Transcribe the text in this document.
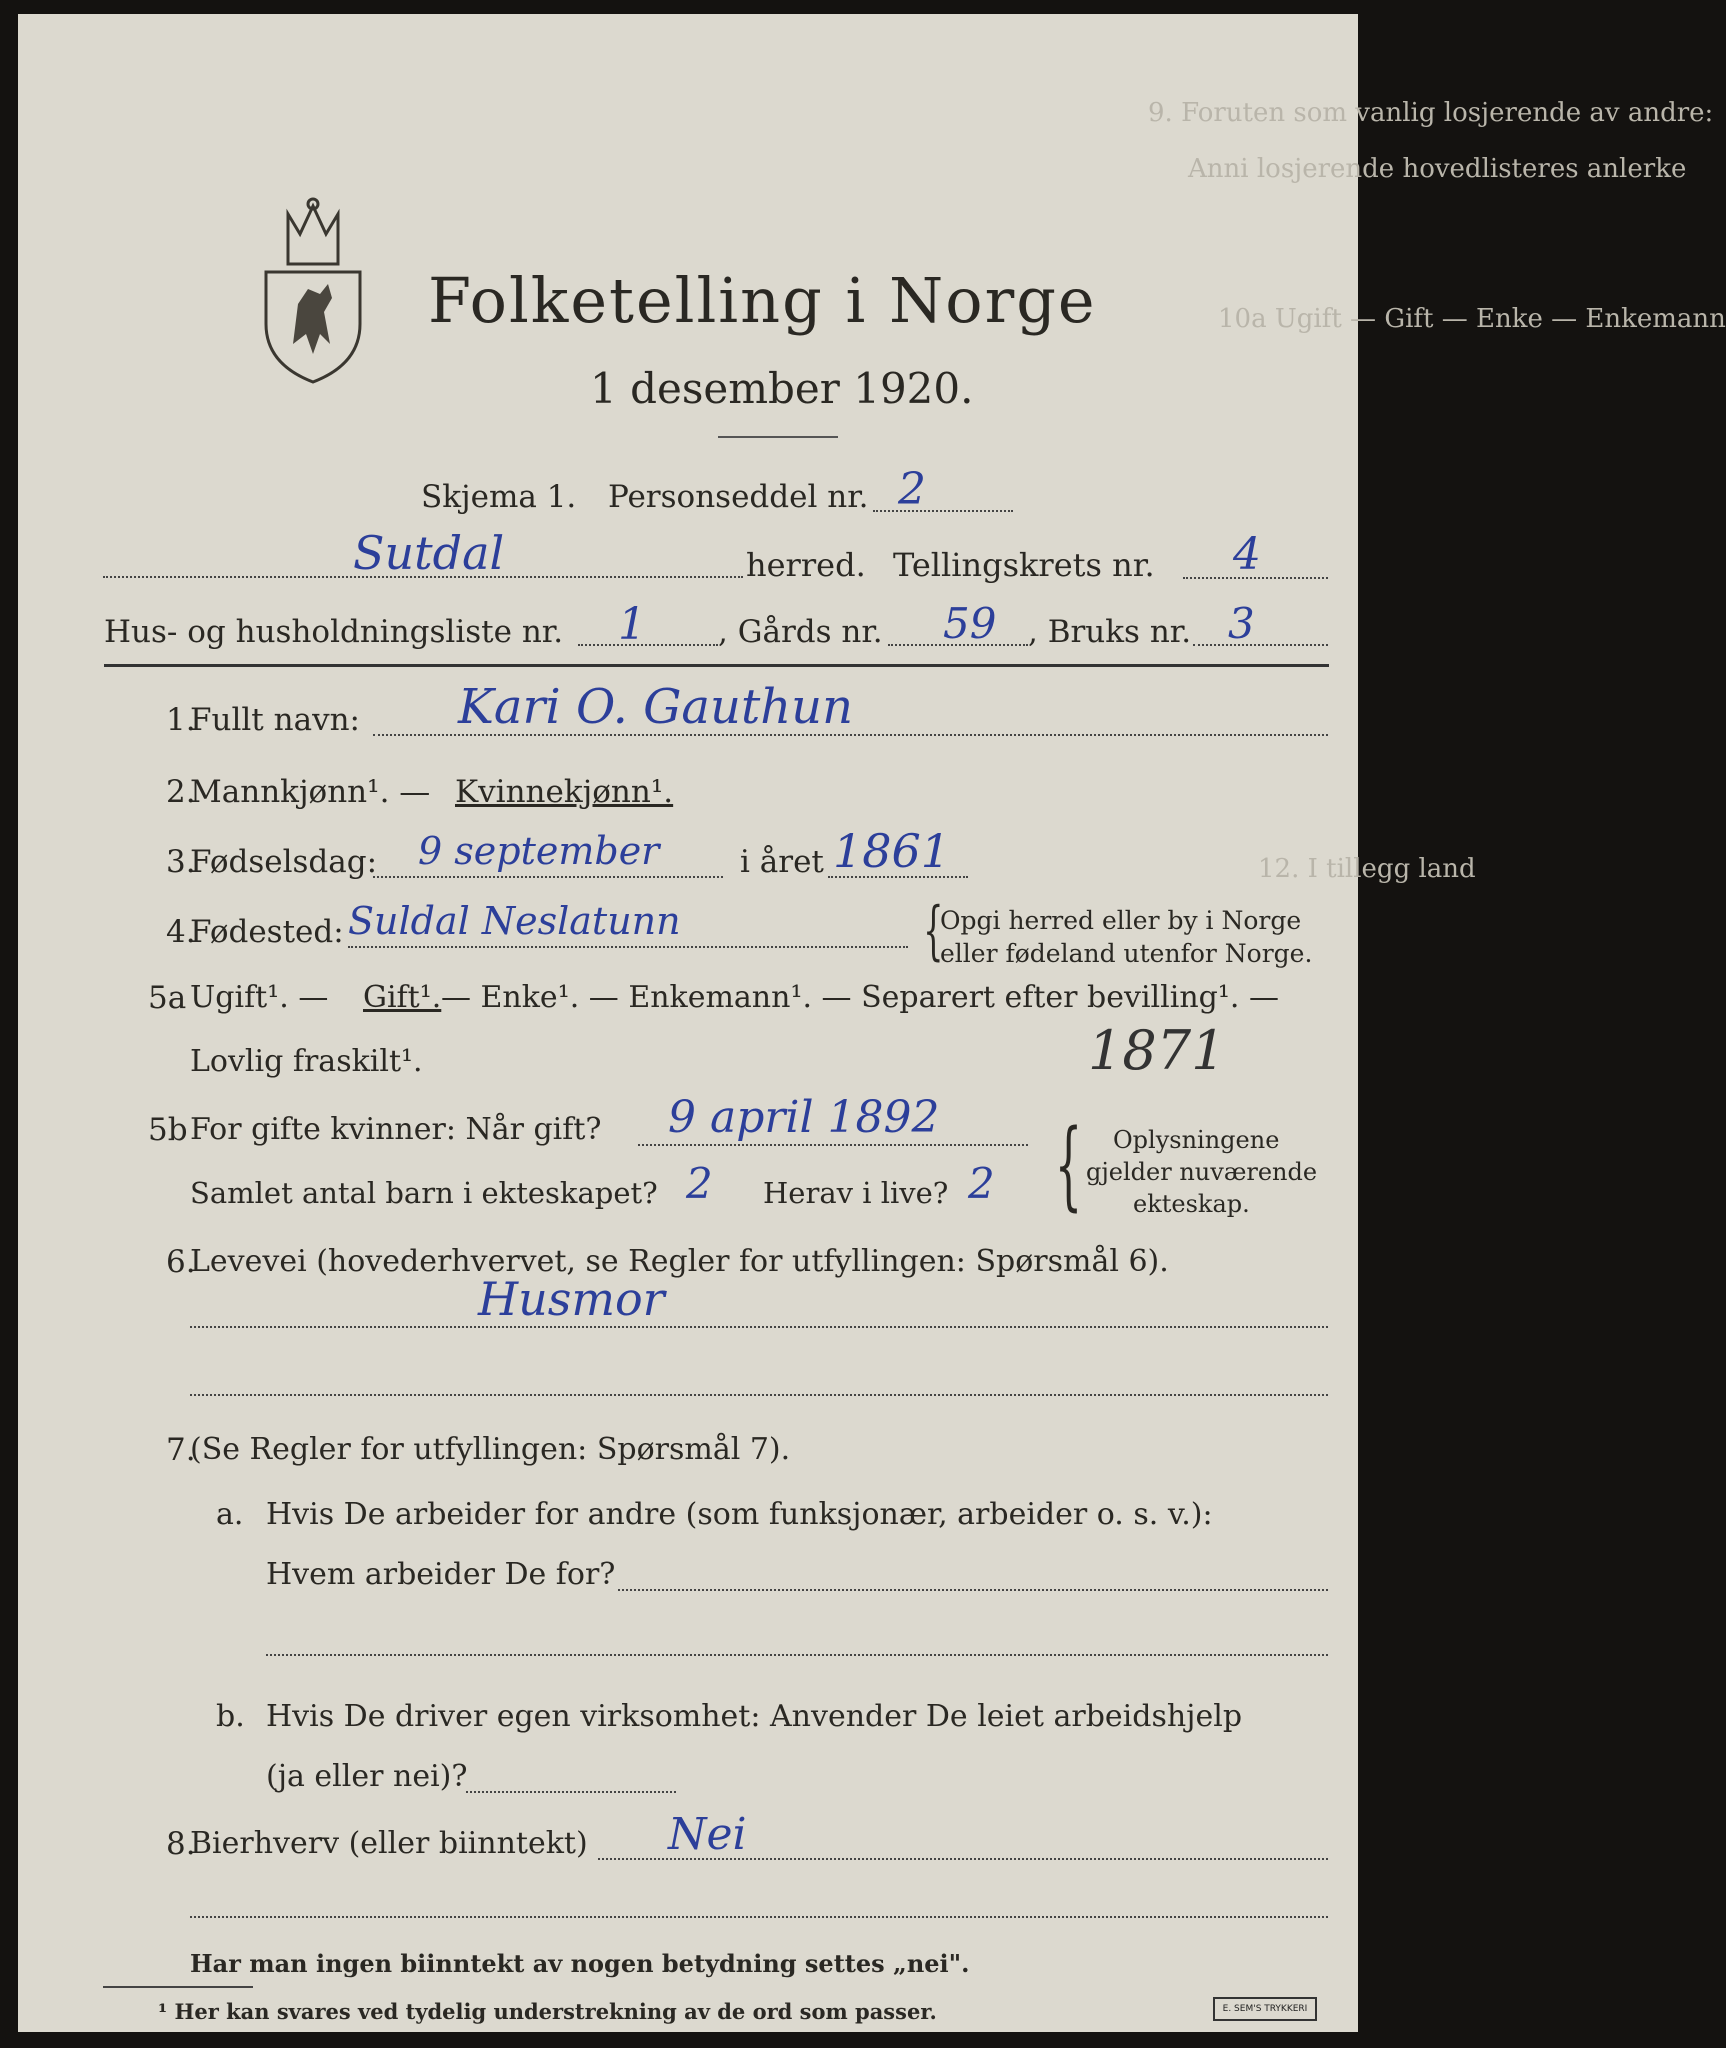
9. Foruten som vanlig losjerende av andre:
Anni losjerende hovedlisteres anlerke
10a Ugift — Gift — Enke — Enkemann
12. I tillegg land
Folketelling i Norge
1 desember 1920.
Skjema 1. Personseddel nr. 2
Sutdal	herred. Tellingskrets nr. 4
Hus- og husholdningsliste nr. 1 , Gårds nr. 59 , Bruks nr. 3
1.
Fullt navn: Kari O. Gauthun
2.
Mannkjønn¹. — Kvinnekjønn¹.
3.
Fødselsdag: 9 september	i året 1861
4.
Fødested: Suldal Neslatunn	{
Opgi herred eller by i Norge
eller fødeland utenfor Norge.
5a Ugift¹. — Gift¹. — Enke¹. — Enkemann¹. — Separert efter bevilling¹. —
Lovlig fraskilt¹.	1871
5b For gifte kvinner: Når gift? 9 april 1892
Samlet antal barn i ekteskapet? 2 Herav i live? 2 { Oplysningene
gjelder nuværende
ekteskap.
6.
Levevei (hovederhvervet, se Regler for utfyllingen: Spørsmål 6).
Husmor
7.
(Se Regler for utfyllingen: Spørsmål 7).
a. Hvis De arbeider for andre (som funksjonær, arbeider o. s. v.):
Hvem arbeider De for?
b. Hvis De driver egen virksomhet: Anvender De leiet arbeidshjelp
(ja eller nei)?
8.
Bierhverv (eller biinntekt) Nei
Har man ingen biinntekt av nogen betydning settes „nei".
¹ Her kan svares ved tydelig understrekning av de ord som passer.	E. SEM'S TRYKKERI
